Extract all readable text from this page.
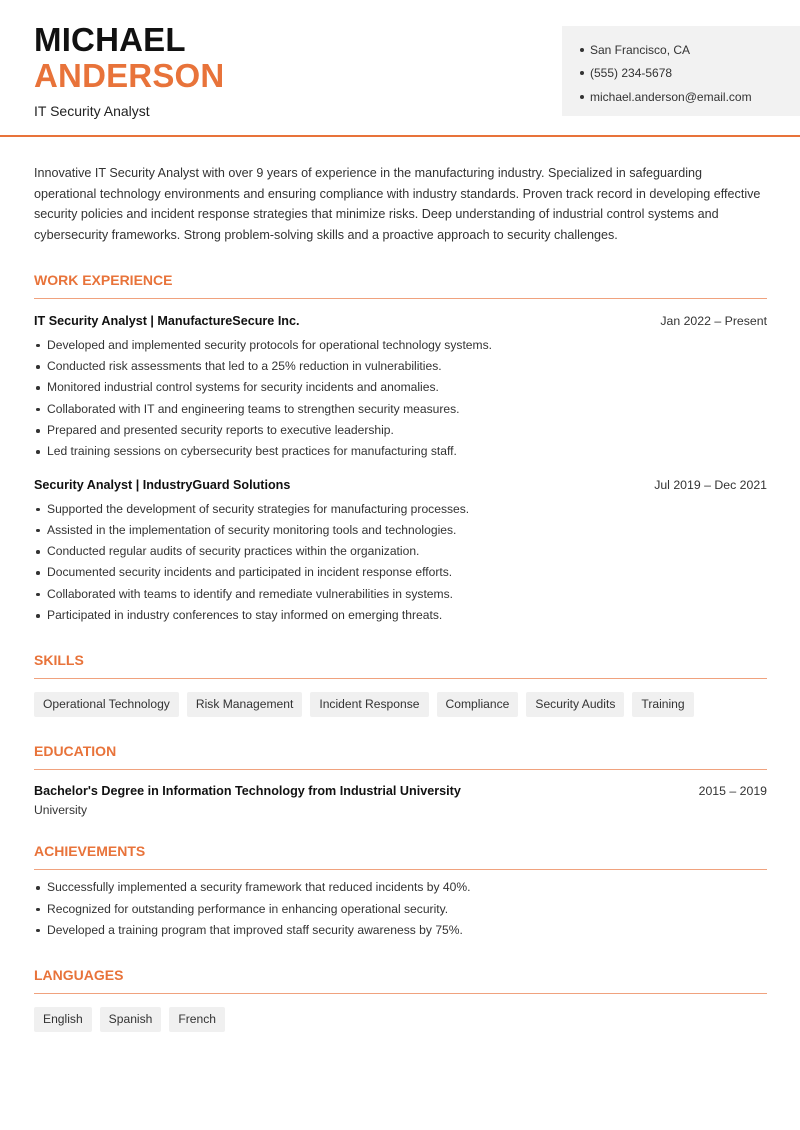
MICHAEL
ANDERSON
IT Security Analyst
San Francisco, CA
(555) 234-5678
michael.anderson@email.com

Innovative IT Security Analyst with over 9 years of experience in the manufacturing industry. Specialized in safeguarding operational technology environments and ensuring compliance with industry standards. Proven track record in developing effective security policies and incident response strategies that minimize risks. Deep understanding of industrial control systems and cybersecurity frameworks. Strong problem-solving skills and a proactive approach to security challenges.

WORK EXPERIENCE
IT Security Analyst | ManufactureSecure Inc.	Jan 2022 – Present
Developed and implemented security protocols for operational technology systems.
Conducted risk assessments that led to a 25% reduction in vulnerabilities.
Monitored industrial control systems for security incidents and anomalies.
Collaborated with IT and engineering teams to strengthen security measures.
Prepared and presented security reports to executive leadership.
Led training sessions on cybersecurity best practices for manufacturing staff.
Security Analyst | IndustryGuard Solutions	Jul 2019 – Dec 2021
Supported the development of security strategies for manufacturing processes.
Assisted in the implementation of security monitoring tools and technologies.
Conducted regular audits of security practices within the organization.
Documented security incidents and participated in incident response efforts.
Collaborated with teams to identify and remediate vulnerabilities in systems.
Participated in industry conferences to stay informed on emerging threats.
SKILLS
Operational Technology	Risk Management	Incident Response	Compliance	Security Audits	Training
EDUCATION
Bachelor's Degree in Information Technology from Industrial University	2015 – 2019
University
ACHIEVEMENTS
Successfully implemented a security framework that reduced incidents by 40%.
Recognized for outstanding performance in enhancing operational security.
Developed a training program that improved staff security awareness by 75%.
LANGUAGES
English	Spanish	French
